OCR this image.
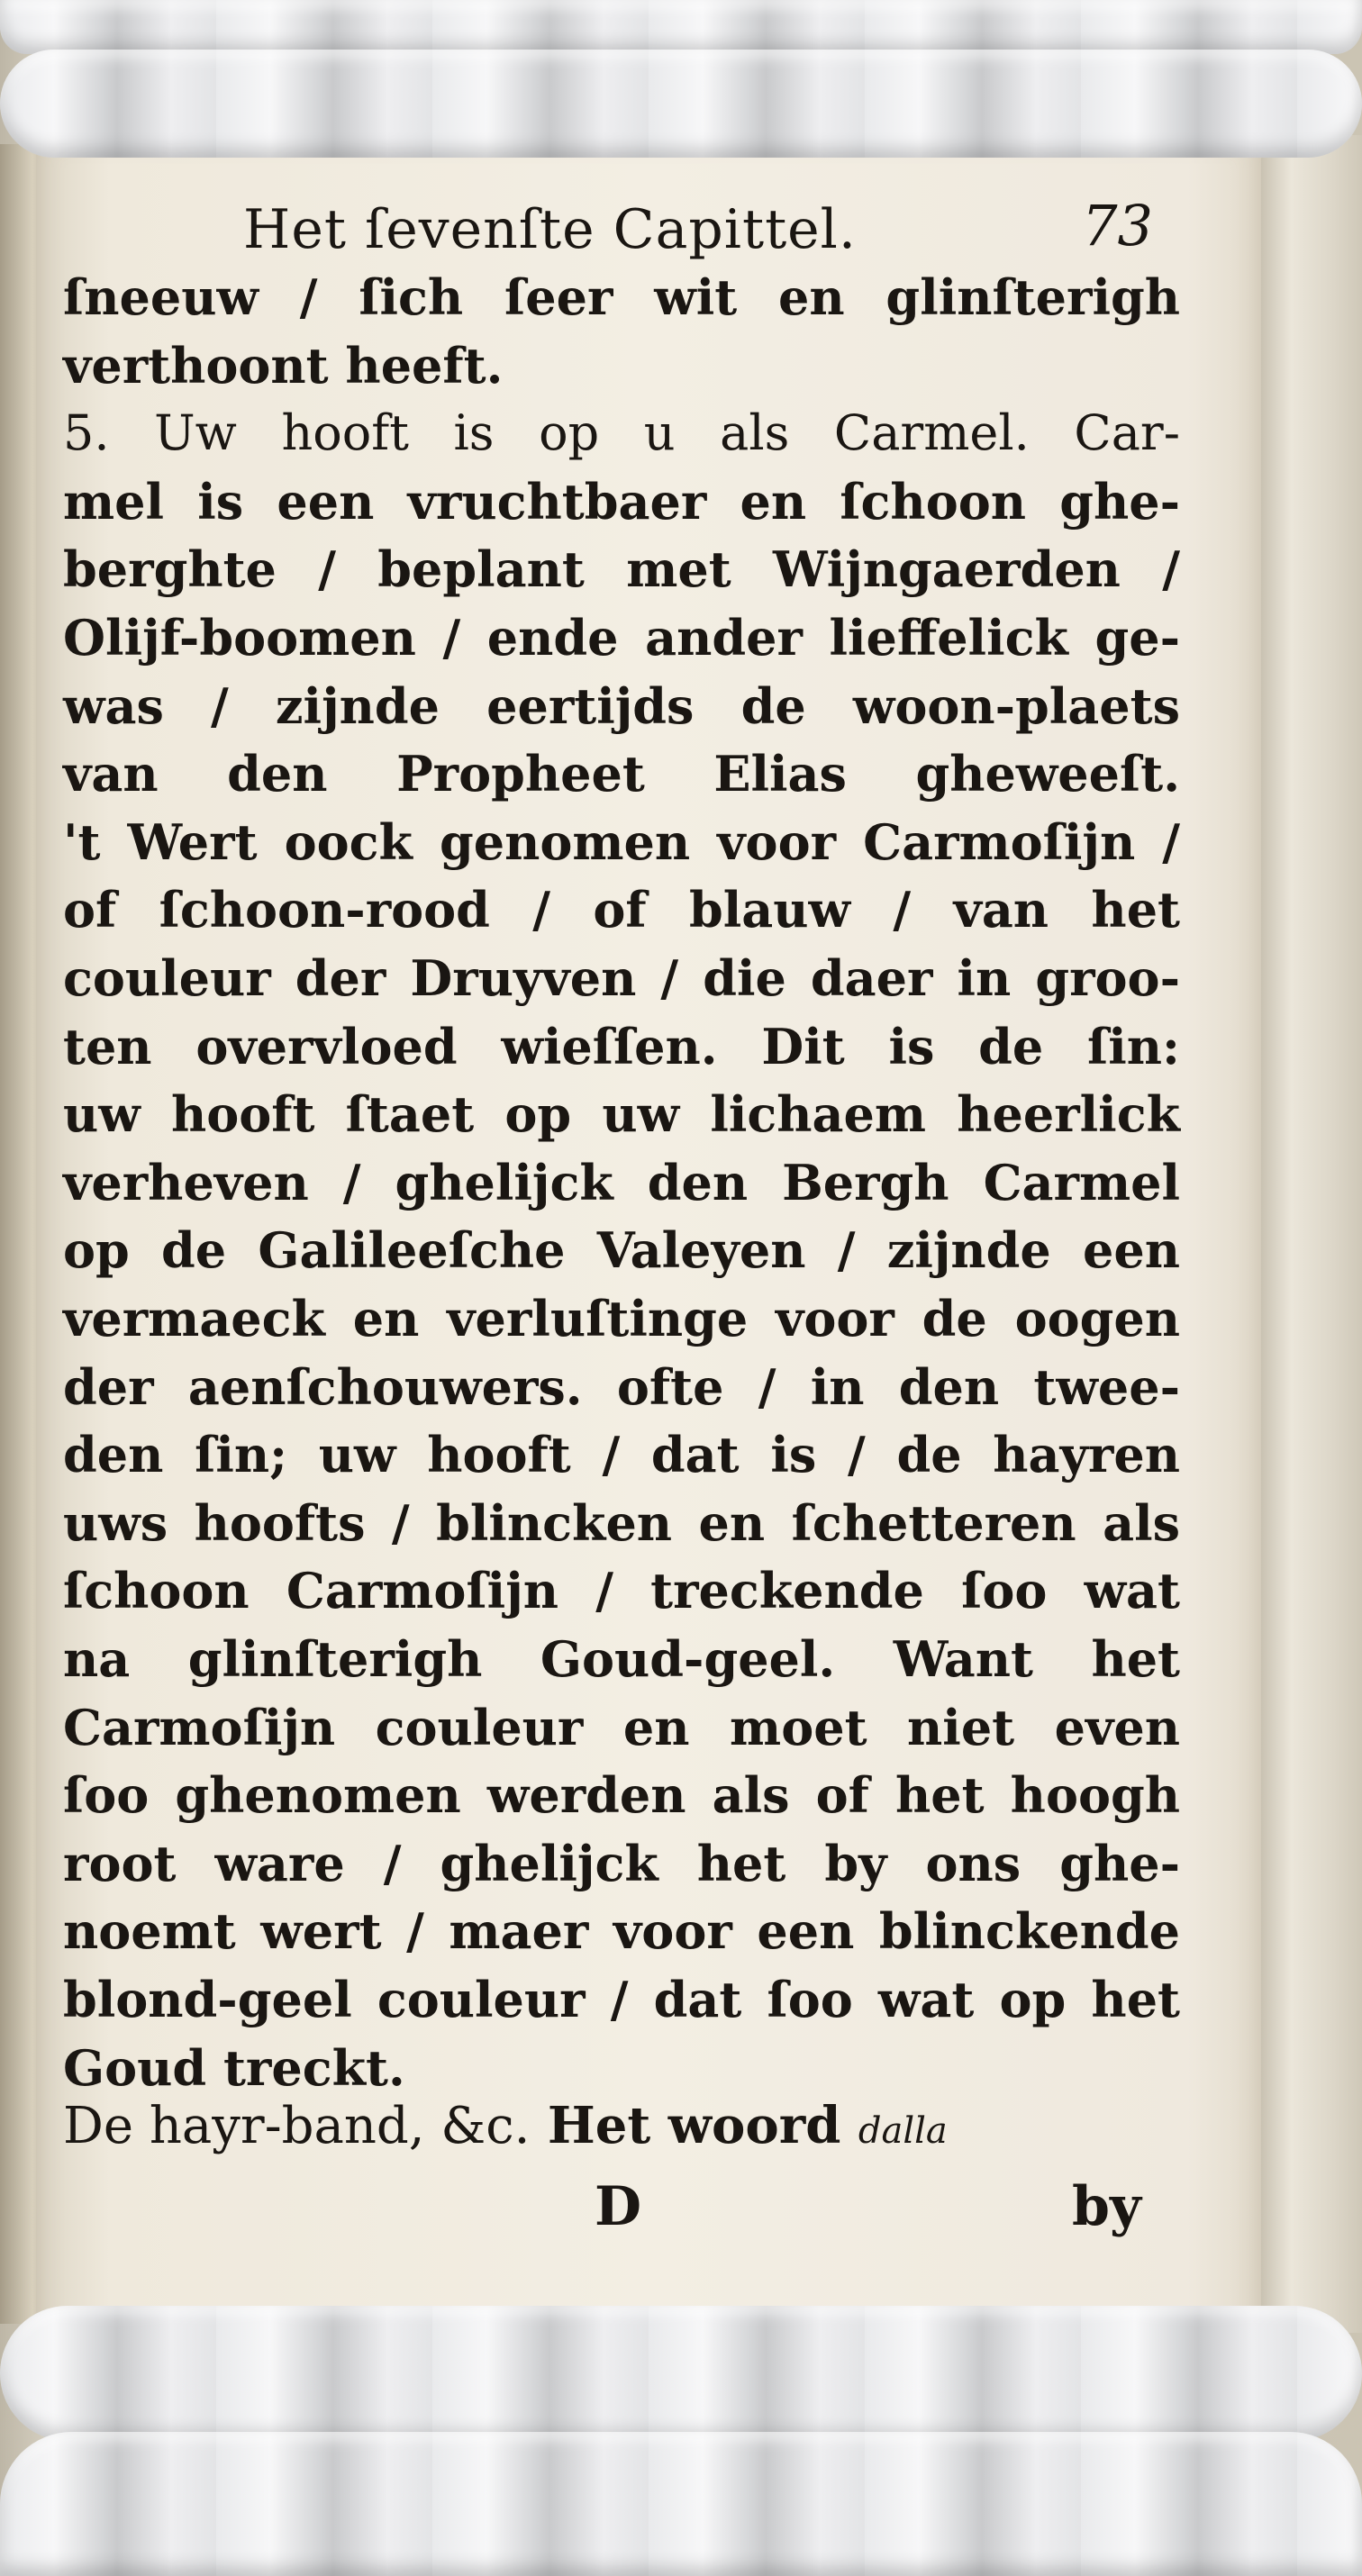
Het ſevenſte Capittel.	73
ſneeuw / ſich ſeer wit en glinſterigh
verthoont heeft.
5. Uw hooft is op u als Carmel. Car-
mel is een vruchtbaer en ſchoon ghe-
berghte / beplant met Wijngaerden /
Olijf-boomen / ende ander lieffelick ge-
was / zijnde eertijds de woon-plaets
van den Propheet Elias gheweeſt.
't Wert oock genomen voor Carmoſijn /
of ſchoon-rood / of blauw / van het
couleur der Druyven / die daer in groo-
ten overvloed wieſſen. Dit is de ſin:
uw hooft ſtaet op uw lichaem heerlick
verheven / ghelijck den Bergh Carmel
op de Galileeſche Valeyen / zijnde een
vermaeck en verluſtinge voor de oogen
der aenſchouwers. ofte / in den twee-
den ſin; uw hooft / dat is / de hayren
uws hoofts / blincken en ſchetteren als
ſchoon Carmoſijn / treckende ſoo wat
na glinſterigh Goud-geel. Want het
Carmoſijn couleur en moet niet even
ſoo ghenomen werden als of het hoogh
root ware / ghelijck het by ons ghe-
noemt wert / maer voor een blinckende
blond-geel couleur / dat ſoo wat op het
Goud treckt.
De hayr-band, &c. Het woord dalla
D	by
